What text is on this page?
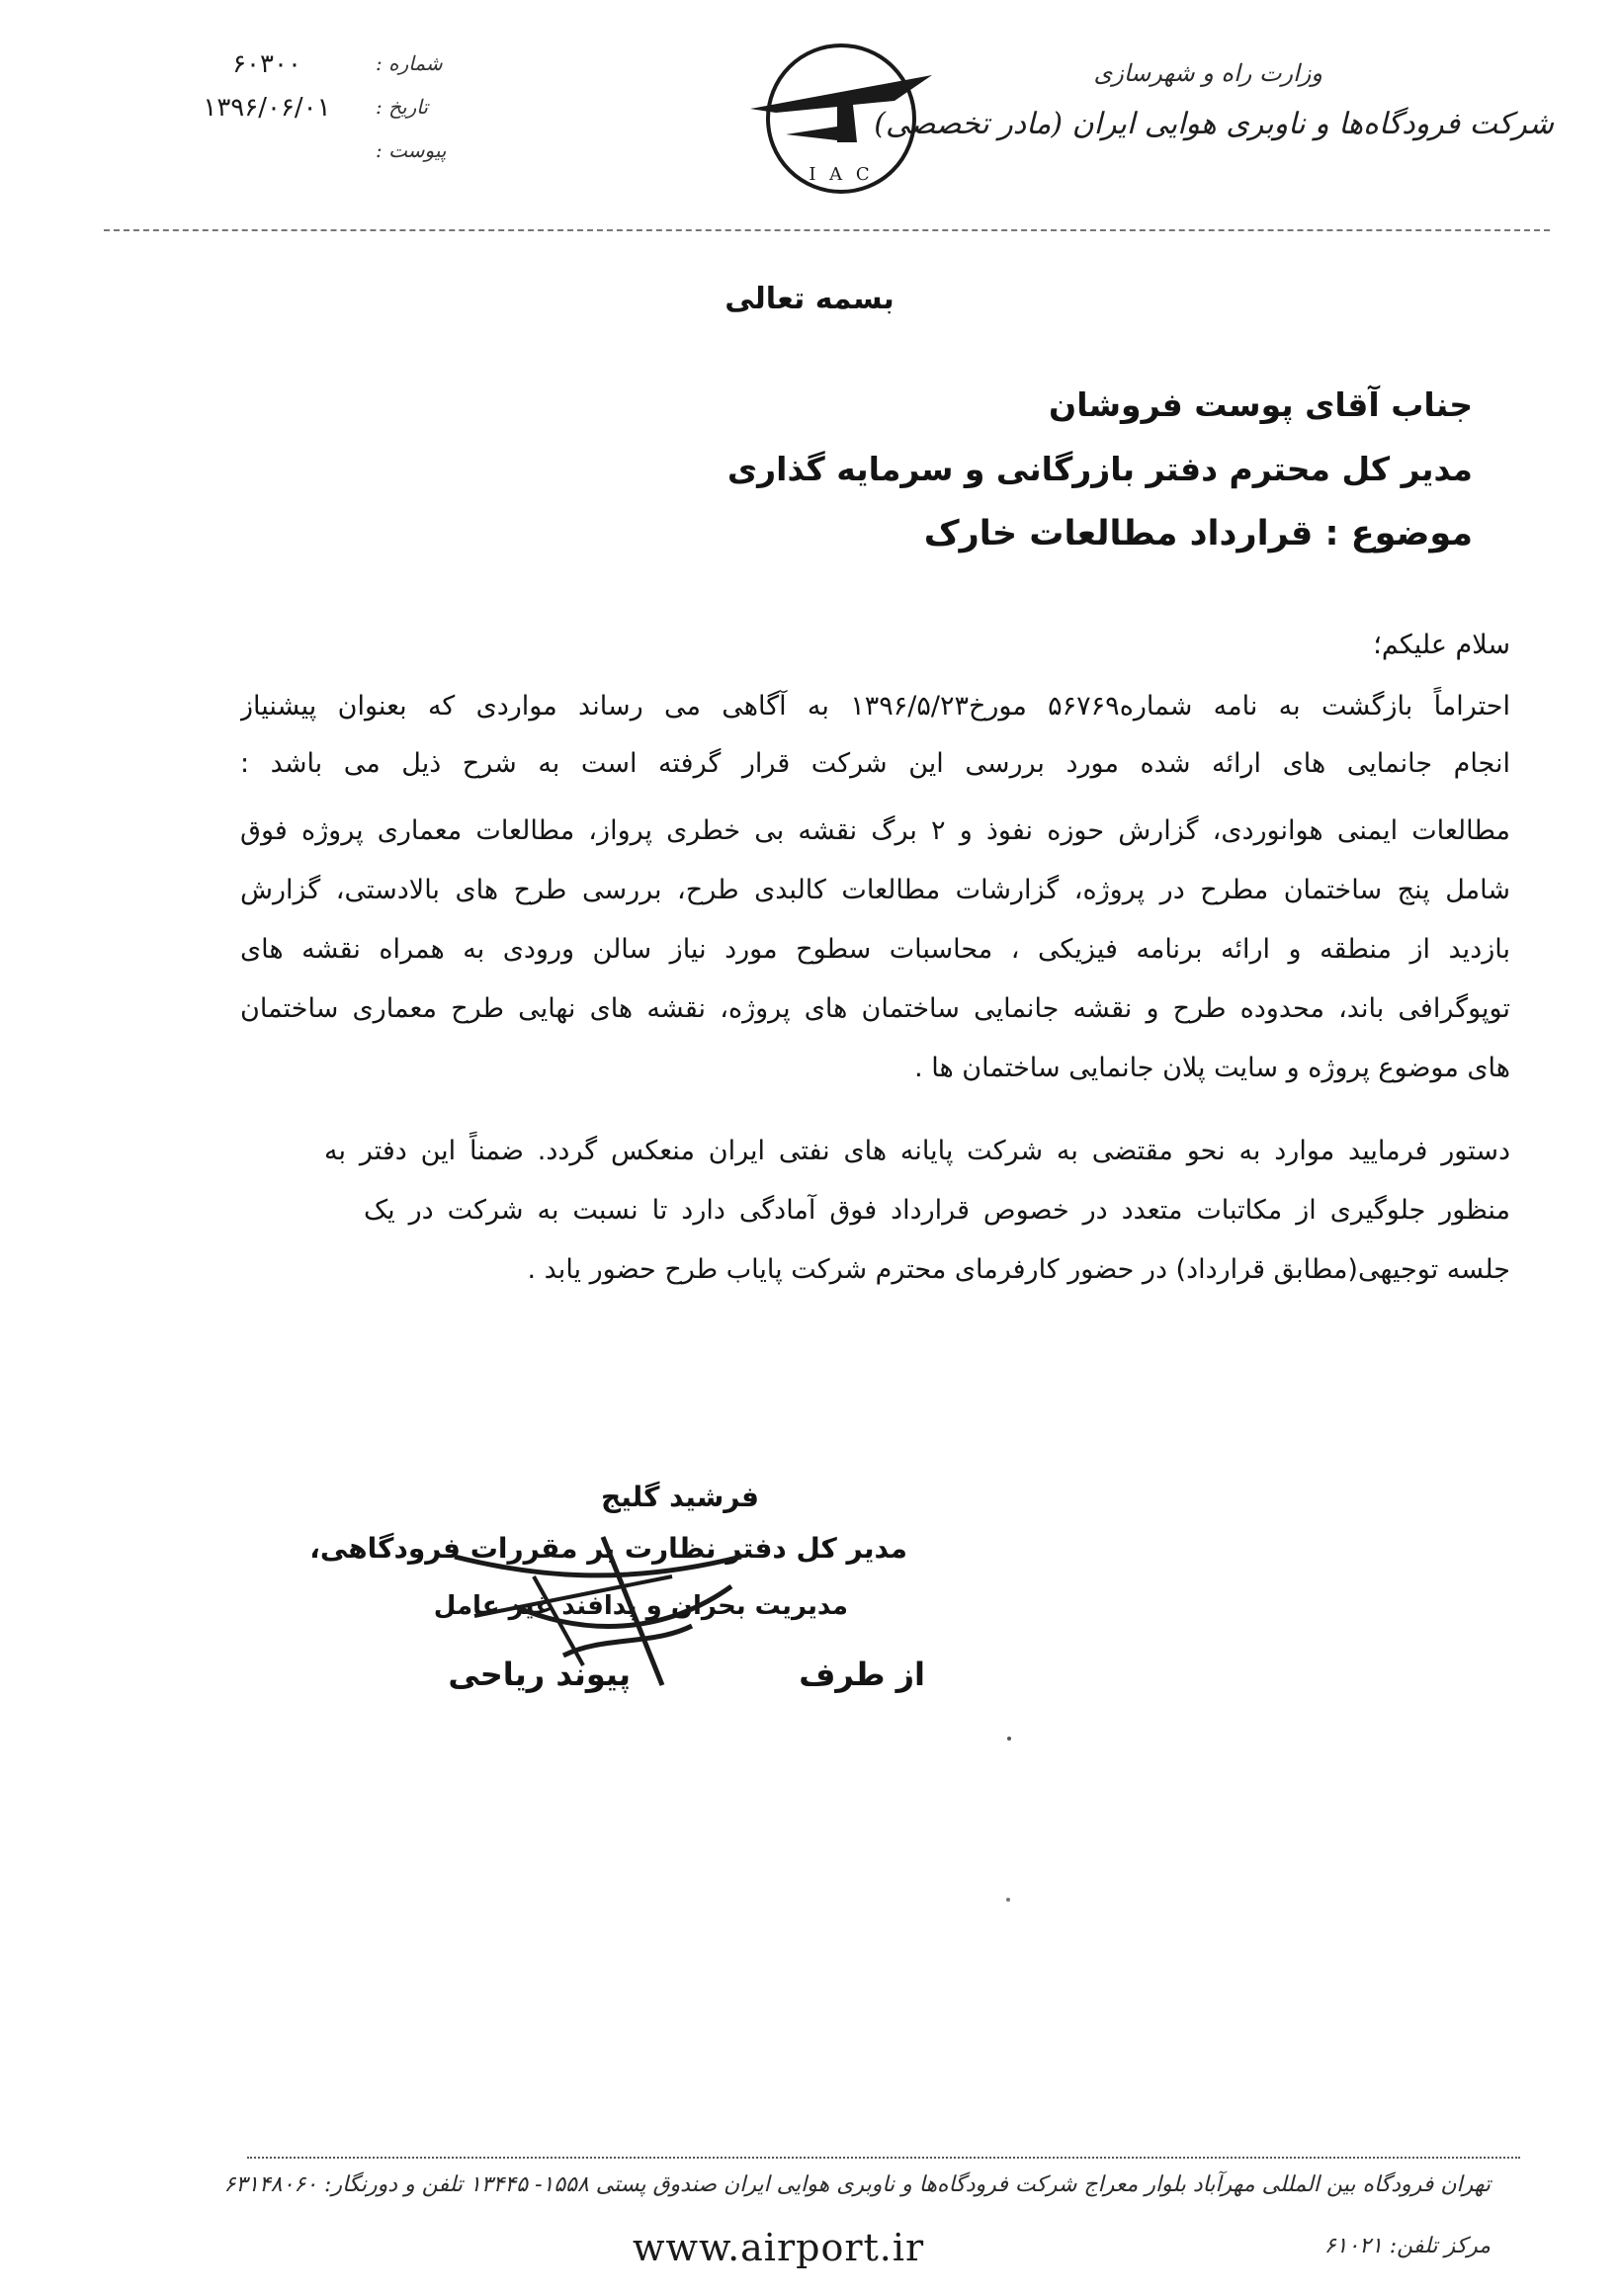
وزارت راه و شهرسازی
شرکت فرودگاه‌ها و ناوبری هوایی ایران (مادر تخصصی)
I A C
۶۰۳۰۰	شماره :
۱۳۹۶/۰۶/۰۱	تاریخ :
پیوست :
بسمه تعالی
جناب آقای پوست فروشان
مدیر کل محترم دفتر بازرگانی و سرمایه گذاری
موضوع : قرارداد مطالعات خارک
سلام علیکم؛
احتراماً بازگشت به نامه شماره۵۶۷۶۹ مورخ۱۳۹۶/۵/۲۳ به آگاهی می رساند مواردی که بعنوان پیشنیاز
انجام جانمایی های ارائه شده مورد بررسی این شرکت قرار گرفته است به شرح ذیل می باشد :
مطالعات ایمنی هوانوردی، گزارش حوزه نفوذ و ۲ برگ نقشه بی خطری پرواز، مطالعات معماری پروژه فوق
شامل پنج ساختمان مطرح در پروژه، گزارشات مطالعات کالبدی طرح، بررسی طرح های بالادستی، گزارش
بازدید از منطقه و ارائه برنامه فیزیکی ، محاسبات سطوح مورد نیاز سالن ورودی به همراه نقشه های
توپوگرافی باند، محدوده طرح و نقشه جانمایی ساختمان های پروژه، نقشه های نهایی طرح معماری ساختمان
های موضوع پروژه و سایت پلان جانمایی ساختمان ها .
دستور فرمایید موارد به نحو مقتضی به شرکت پایانه های نفتی ایران منعکس گردد. ضمناً این دفتر به
منظور جلوگیری از مکاتبات متعدد در خصوص قرارداد فوق آمادگی دارد تا نسبت به شرکت در یک
جلسه توجیهی(مطابق قرارداد) در حضور کارفرمای محترم شرکت پایاب طرح حضور یابد .
فرشید گلیج
مدیر کل دفتر نظارت بر مقررات فرودگاهی،
مدیریت بحران و پدافند غیر عامل
از طرف
پیوند ریاحی
تهران فرودگاه بین المللی مهرآباد بلوار معراج شرکت فرودگاه‌ها و ناوبری هوایی ایران صندوق پستی ۱۵۵۸- ۱۳۴۴۵ تلفن و دورنگار: ۶۳۱۴۸۰۶۰
مرکز تلفن: ۶۱۰۲۱
www.airport.ir
